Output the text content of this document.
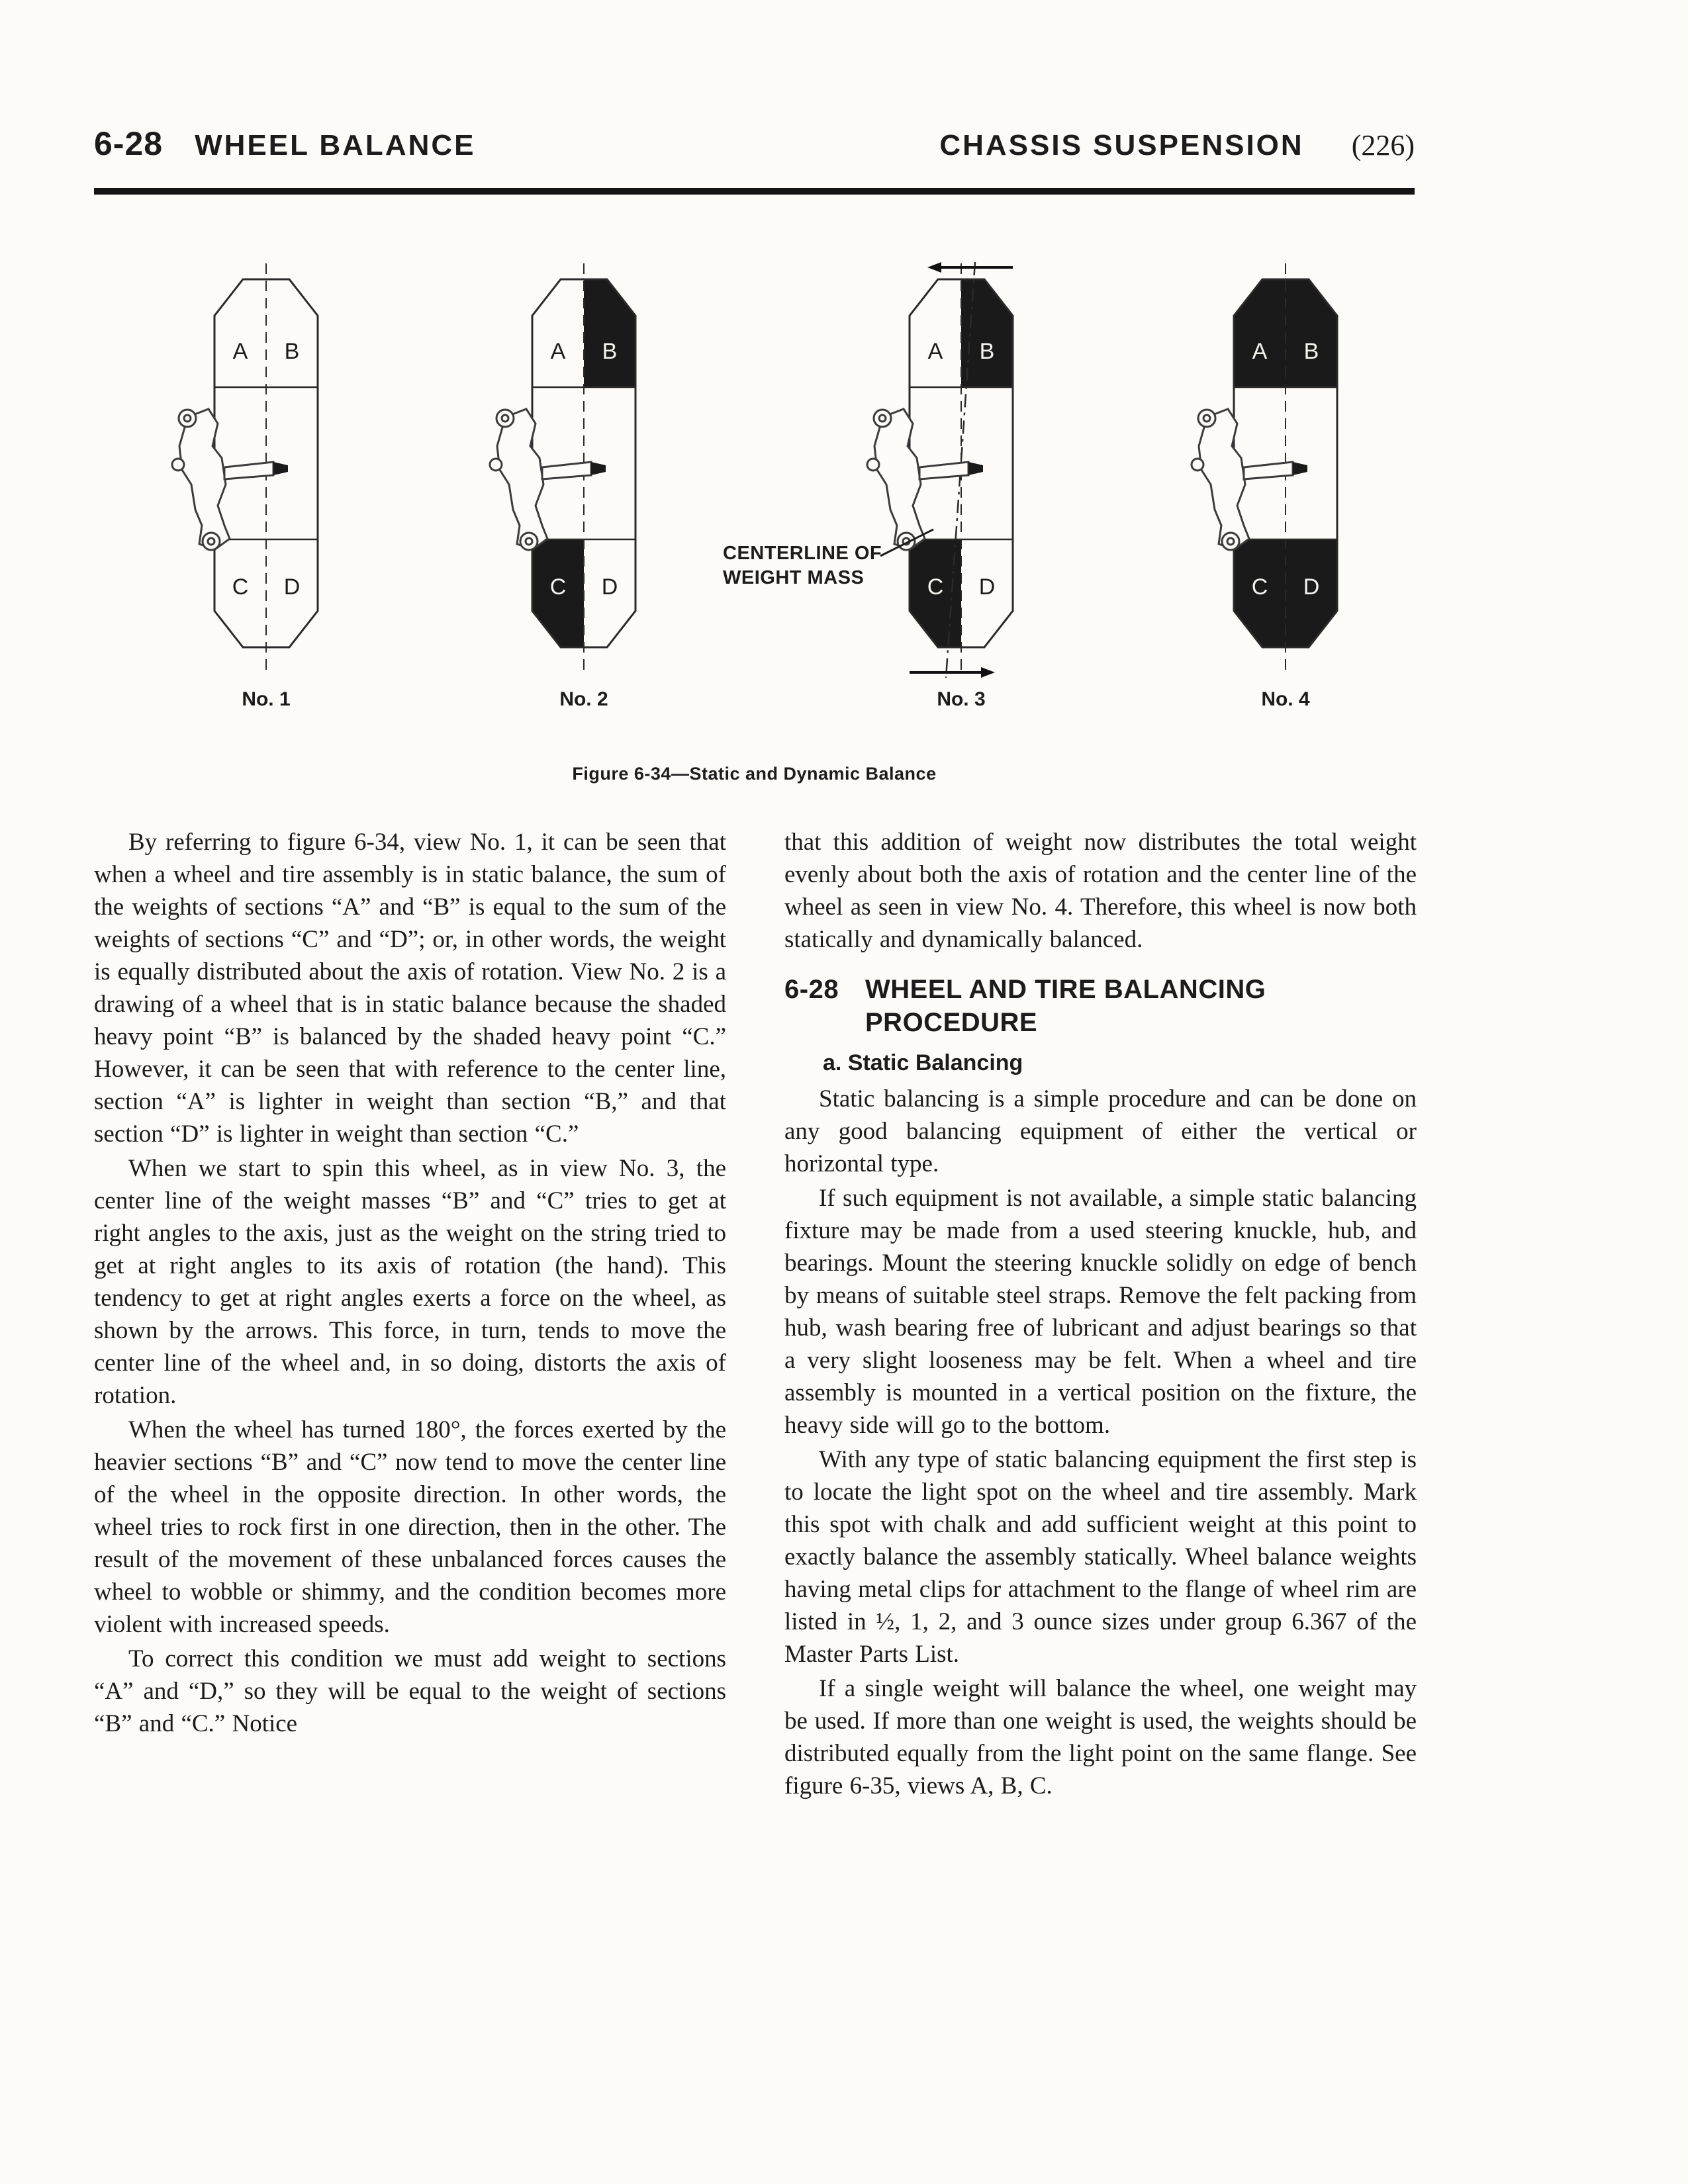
6-28 WHEEL BALANCE	CHASSIS SUSPENSION (226)
A B
C D
No. 1
A B
C D
No. 2
A B
C D
No. 3
A B
C D
No. 4
CENTERLINE OF
WEIGHT MASS
Figure 6-34—Static and Dynamic Balance

By referring to figure 6-34, view No. 1, it can be seen that when a wheel and tire assembly is in static balance, the sum of the weights of sections “A” and “B” is equal to the sum of the weights of sections “C” and “D”; or, in other words, the weight is equally distributed about the axis of rotation. View No. 2 is a drawing of a wheel that is in static balance because the shaded heavy point “B” is balanced by the shaded heavy point “C.” However, it can be seen that with reference to the center line, section “A” is lighter in weight than section “B,” and that section “D” is lighter in weight than section “C.”

When we start to spin this wheel, as in view No. 3, the center line of the weight masses “B” and “C” tries to get at right angles to the axis, just as the weight on the string tried to get at right angles to its axis of rotation (the hand). This tendency to get at right angles exerts a force on the wheel, as shown by the arrows. This force, in turn, tends to move the center line of the wheel and, in so doing, distorts the axis of rotation.

When the wheel has turned 180°, the forces exerted by the heavier sections “B” and “C” now tend to move the center line of the wheel in the opposite direction. In other words, the wheel tries to rock first in one direction, then in the other. The result of the movement of these unbalanced forces causes the wheel to wobble or shimmy, and the condition becomes more violent with increased speeds.

To correct this condition we must add weight to sections “A” and “D,” so they will be equal to the weight of sections “B” and “C.” Notice

that this addition of weight now distributes the total weight evenly about both the axis of rotation and the center line of the wheel as seen in view No. 4. Therefore, this wheel is now both statically and dynamically balanced.

6-28 WHEEL AND TIRE BALANCING PROCEDURE
a. Static Balancing

Static balancing is a simple procedure and can be done on any good balancing equipment of either the vertical or horizontal type.

If such equipment is not available, a simple static balancing fixture may be made from a used steering knuckle, hub, and bearings. Mount the steering knuckle solidly on edge of bench by means of suitable steel straps. Remove the felt packing from hub, wash bearing free of lubricant and adjust bearings so that a very slight looseness may be felt. When a wheel and tire assembly is mounted in a vertical position on the fixture, the heavy side will go to the bottom.

With any type of static balancing equipment the first step is to locate the light spot on the wheel and tire assembly. Mark this spot with chalk and add sufficient weight at this point to exactly balance the assembly statically. Wheel balance weights having metal clips for attachment to the flange of wheel rim are listed in ½, 1, 2, and 3 ounce sizes under group 6.367 of the Master Parts List.

If a single weight will balance the wheel, one weight may be used. If more than one weight is used, the weights should be distributed equally from the light point on the same flange. See figure 6-35, views A, B, C.
